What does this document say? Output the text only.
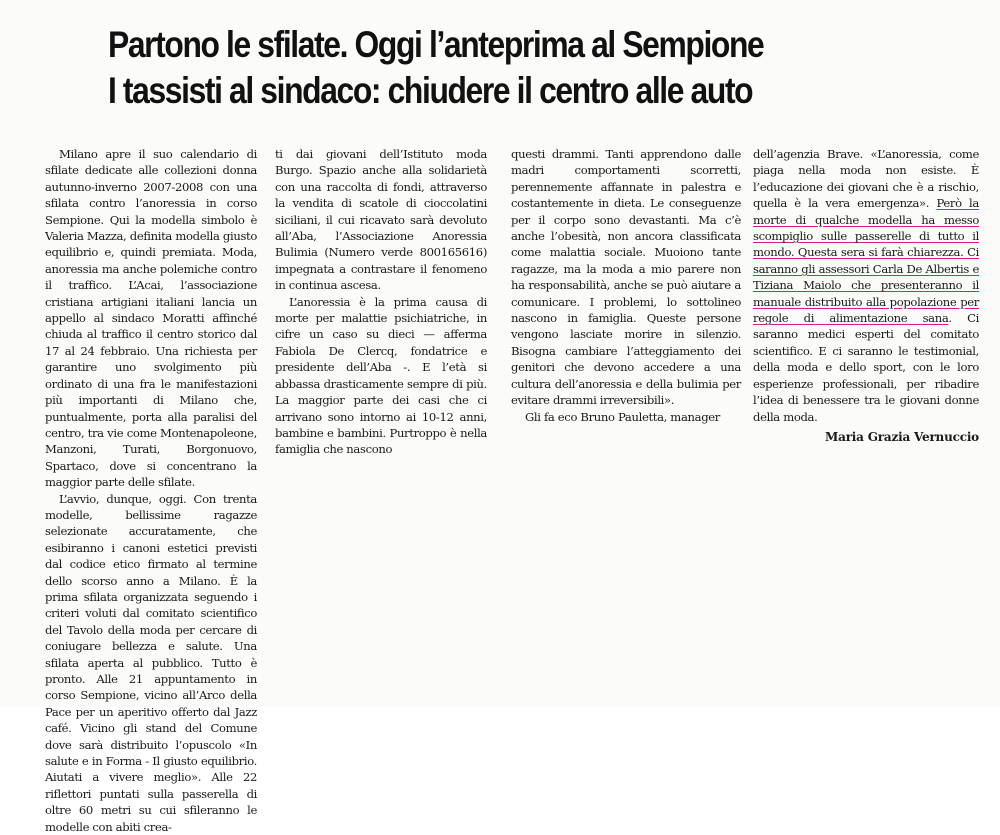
Partono le sfilate. Oggi l’anteprima al Sempione
I tassisti al sindaco: chiudere il centro alle auto

Milano apre il suo calendario di sfilate dedicate alle collezioni donna autunno-inverno 2007-2008 con una sfilata contro l’anoressia in corso Sempione. Qui la modella simbolo è Valeria Mazza, definita modella giusto equilibrio e, quindi premiata. Moda, anoressia ma anche polemiche contro il traffico. L’Acai, l’associazione cristiana artigiani italiani lancia un appello al sindaco Moratti affinché chiuda al traffico il centro storico dal 17 al 24 febbraio. Una richiesta per garantire uno svolgimento più ordinato di una fra le manifestazioni più importanti di Milano che, puntualmente, porta alla paralisi del centro, tra vie come Montenapoleone, Manzoni, Turati, Borgonuovo, Spartaco, dove si concentrano la maggior parte delle sfilate.

L’avvio, dunque, oggi. Con trenta modelle, bellissime ragazze selezionate accuratamente, che esibiranno i canoni estetici previsti dal codice etico firmato al termine dello scorso anno a Milano. È la prima sfilata organizzata seguendo i criteri voluti dal comitato scientifico del Tavolo della moda per cercare di coniugare bellezza e salute. Una sfilata aperta al pubblico. Tutto è pronto. Alle 21 appuntamento in corso Sempione, vicino all’Arco della Pace per un aperitivo offerto dal Jazz café. Vicino gli stand del Comune dove sarà distribuito l’opuscolo «In salute e in Forma - Il giusto equilibrio. Aiutati a vivere meglio». Alle 22 riflettori puntati sulla passerella di oltre 60 metri su cui sfileranno le modelle con abiti crea-

ti dai giovani dell’Istituto moda Burgo. Spazio anche alla solidarietà con una raccolta di fondi, attraverso la vendita di scatole di cioccolatini siciliani, il cui ricavato sarà devoluto all’Aba, l’Associazione Anoressia Bulimia (Numero verde 800165616) impegnata a contrastare il fenomeno in continua ascesa.

L’anoressia è la prima causa di morte per malattie psichiatriche, in cifre un caso su dieci — afferma Fabiola De Clercq, fondatrice e presidente dell’Aba -. E l’età si abbassa drasticamente sempre di più. La maggior parte dei casi che ci arrivano sono intorno ai 10-12 anni, bambine e bambini. Purtroppo è nella famiglia che nascono

questi drammi. Tanti apprendono dalle madri comportamenti scorretti, perennemente affannate in palestra e costantemente in dieta. Le conseguenze per il corpo sono devastanti. Ma c’è anche l’obesità, non ancora classificata come malattia sociale. Muoiono tante ragazze, ma la moda a mio parere non ha responsabilità, anche se può aiutare a comunicare. I problemi, lo sottolineo nascono in famiglia. Queste persone vengono lasciate morire in silenzio. Bisogna cambiare l’atteggiamento dei genitori che devono accedere a una cultura dell’anoressia e della bulimia per evitare drammi irreversibili».

Gli fa eco Bruno Pauletta, manager

dell’agenzia Brave. «L’anoressia, come piaga nella moda non esiste. È l’educazione dei giovani che è a rischio, quella è la vera emergenza». Però la morte di qualche modella ha messo scompiglio sulle passerelle di tutto il mondo. Questa sera si farà chiarezza. Ci saranno gli assessori Carla De Albertis e Tiziana Maiolo che presenteranno il manuale distribuito alla popolazione per regole di alimentazione sana. Ci saranno medici esperti del comitato scientifico. E ci saranno le testimonial, della moda e dello sport, con le loro esperienze professionali, per ribadire l’idea di benessere tra le giovani donne della moda.

Maria Grazia Vernuccio
